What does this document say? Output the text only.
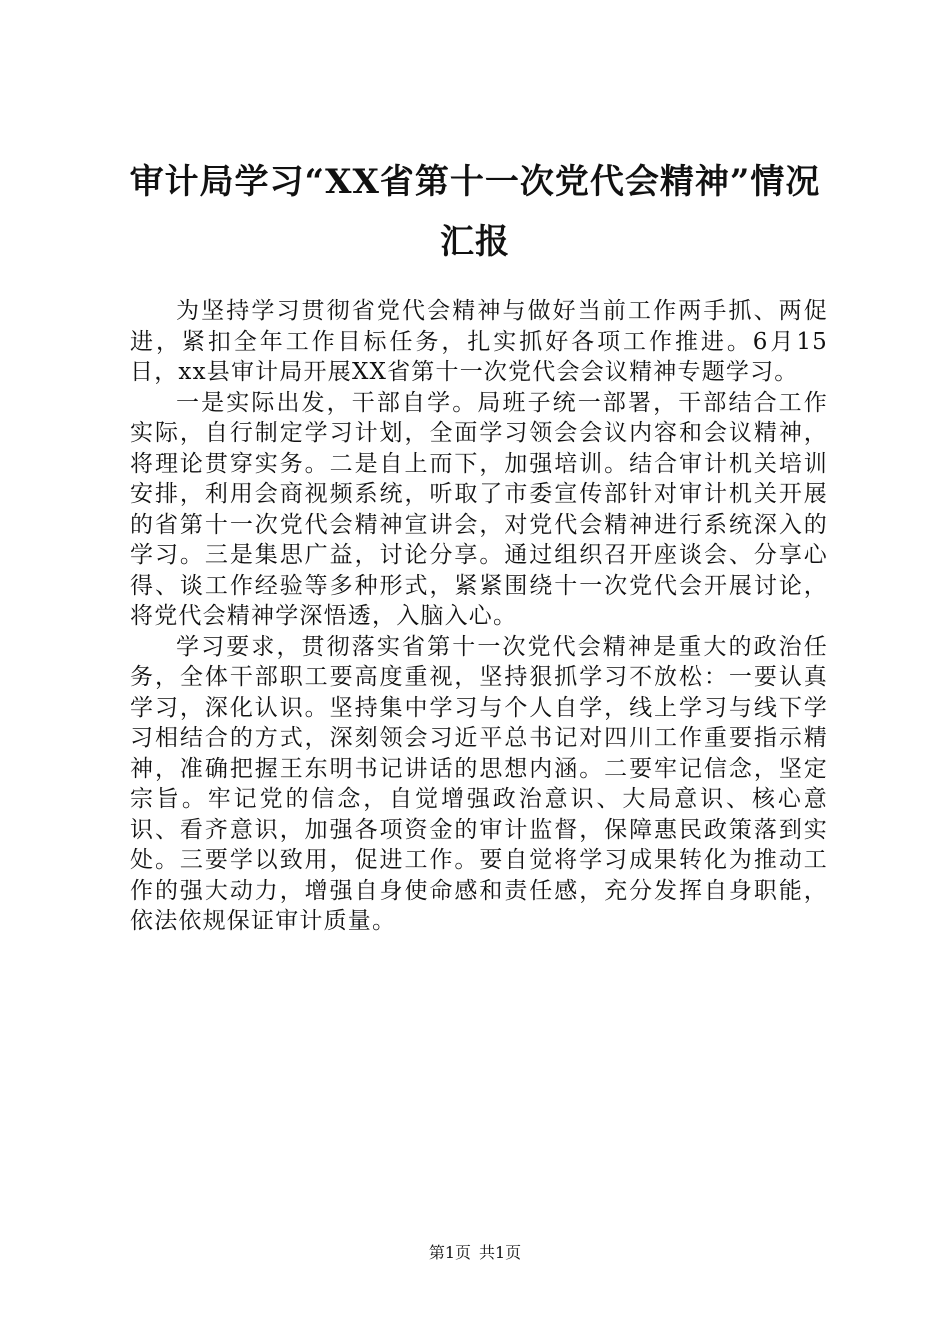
审计局学习“XX省第十一次党代会精神”情况汇报

为坚持学习贯彻省党代会精神与做好当前工作两手抓、两促进，紧扣全年工作目标任务，扎实抓好各项工作推进。6月15日，xx县审计局开展XX省第十一次党代会会议精神专题学习。

一是实际出发，干部自学。局班子统一部署，干部结合工作实际，自行制定学习计划，全面学习领会会议内容和会议精神，将理论贯穿实务。二是自上而下，加强培训。结合审计机关培训安排，利用会商视频系统，听取了市委宣传部针对审计机关开展的省第十一次党代会精神宣讲会，对党代会精神进行系统深入的学习。三是集思广益，讨论分享。通过组织召开座谈会、分享心得、谈工作经验等多种形式，紧紧围绕十一次党代会开展讨论，将党代会精神学深悟透，入脑入心。

学习要求，贯彻落实省第十一次党代会精神是重大的政治任务，全体干部职工要高度重视，坚持狠抓学习不放松：一要认真学习，深化认识。坚持集中学习与个人自学，线上学习与线下学习相结合的方式，深刻领会习近平总书记对四川工作重要指示精神，准确把握王东明书记讲话的思想内涵。二要牢记信念，坚定宗旨。牢记党的信念，自觉增强政治意识、大局意识、核心意识、看齐意识，加强各项资金的审计监督，保障惠民政策落到实处。三要学以致用，促进工作。要自觉将学习成果转化为推动工作的强大动力，增强自身使命感和责任感，充分发挥自身职能，依法依规保证审计质量。

第1页 共1页
